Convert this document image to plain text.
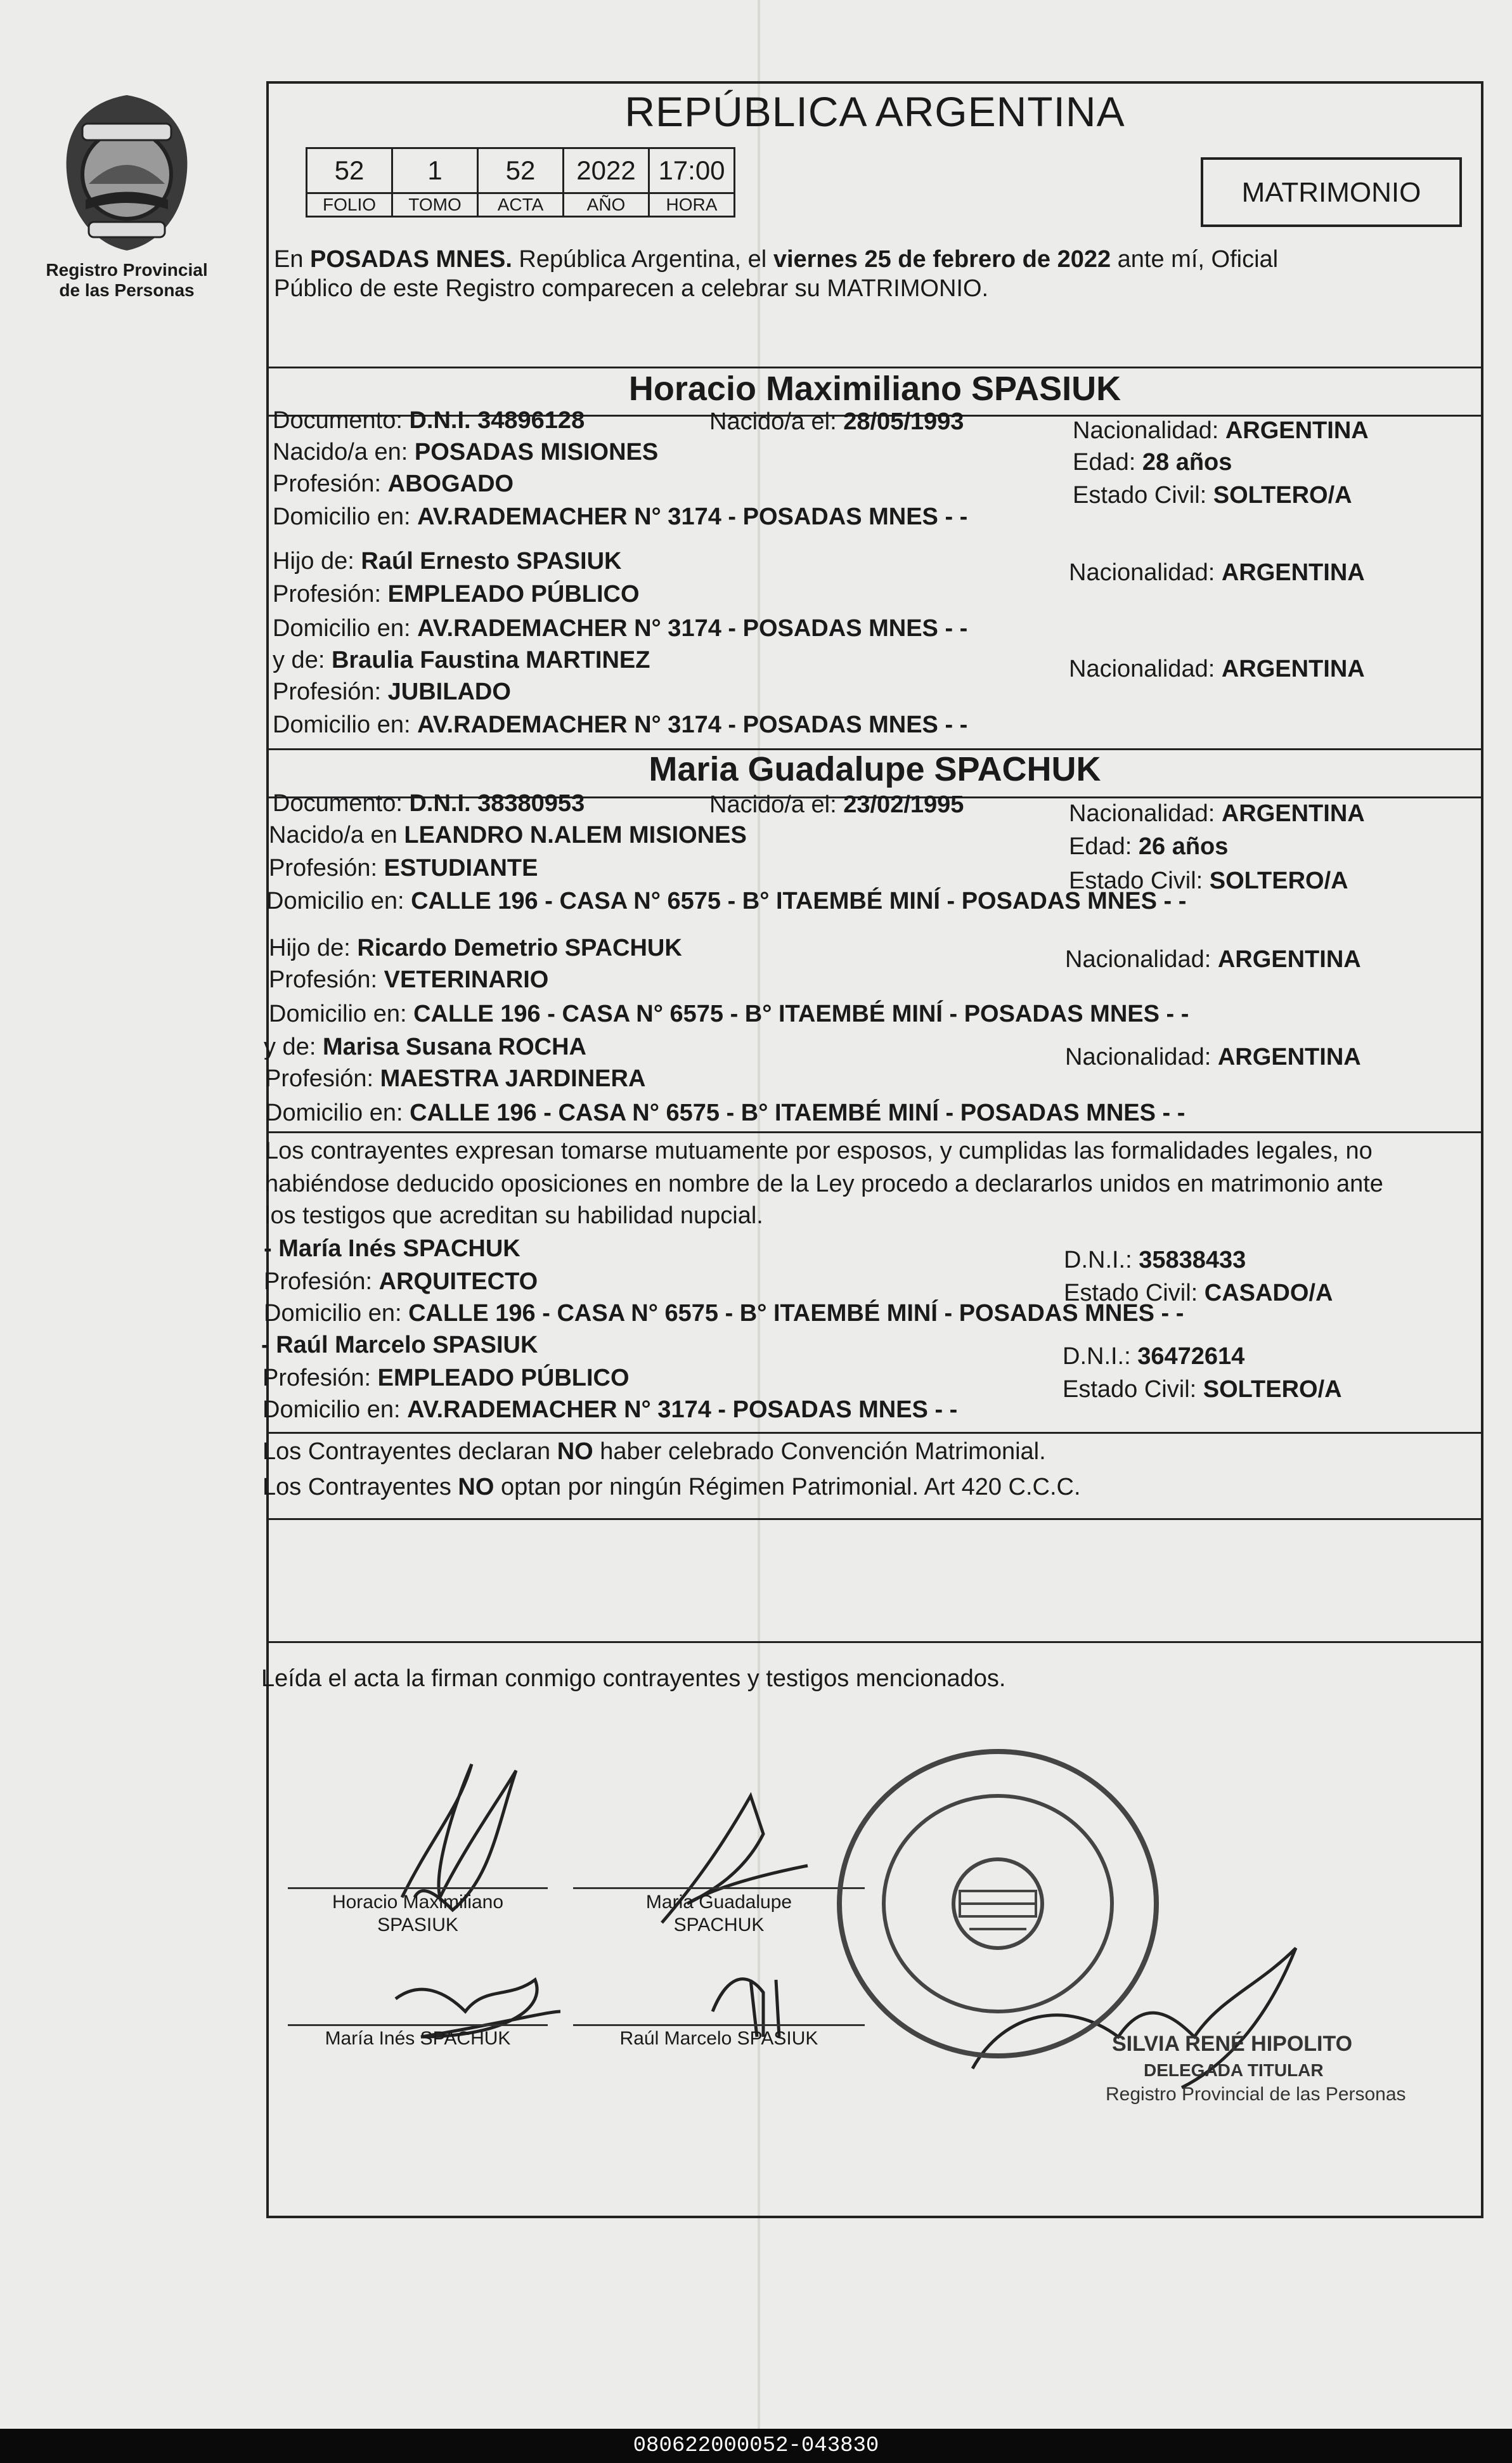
Registro Provincial de las Personas
REPÚBLICA ARGENTINA
52	1	52	2022	17:00
FOLIO	TOMO	ACTA	AÑO	HORA	MATRIMONIO
En POSADAS MNES. República Argentina, el viernes 25 de febrero de 2022 ante mí, Oficial
Público de este Registro comparecen a celebrar su MATRIMONIO.
Horacio Maximiliano SPASIUK
Documento: D.N.I. 34896128	Nacido/a el: 28/05/1993	Nacionalidad: ARGENTINA
Nacido/a en: POSADAS MISIONES	Edad: 28 años
Profesión: ABOGADO	Estado Civil: SOLTERO/A
Domicilio en: AV.RADEMACHER N° 3174 - POSADAS MNES - -
Hijo de: Raúl Ernesto SPASIUK	Nacionalidad: ARGENTINA
Profesión: EMPLEADO PÚBLICO
Domicilio en: AV.RADEMACHER N° 3174 - POSADAS MNES - -
y de: Braulia Faustina MARTINEZ	Nacionalidad: ARGENTINA
Profesión: JUBILADO
Domicilio en: AV.RADEMACHER N° 3174 - POSADAS MNES - -
Maria Guadalupe SPACHUK
Documento: D.N.I. 38380953	Nacido/a el: 23/02/1995	Nacionalidad: ARGENTINA
Nacido/a en LEANDRO N.ALEM MISIONES	Edad: 26 años
Profesión: ESTUDIANTE	Estado Civil: SOLTERO/A
Domicilio en: CALLE 196 - CASA N° 6575 - B° ITAEMBÉ MINÍ - POSADAS MNES - -
Hijo de: Ricardo Demetrio SPACHUK	Nacionalidad: ARGENTINA
Profesión: VETERINARIO
Domicilio en: CALLE 196 - CASA N° 6575 - B° ITAEMBÉ MINÍ - POSADAS MNES - -
y de: Marisa Susana ROCHA	Nacionalidad: ARGENTINA
Profesión: MAESTRA JARDINERA
Domicilio en: CALLE 196 - CASA N° 6575 - B° ITAEMBÉ MINÍ - POSADAS MNES - -
Los contrayentes expresan tomarse mutuamente por esposos, y cumplidas las formalidades legales, no
habiéndose deducido oposiciones en nombre de la Ley procedo a declararlos unidos en matrimonio ante
los testigos que acreditan su habilidad nupcial.
- María Inés SPACHUK	D.N.I.: 35838433
Profesión: ARQUITECTO	Estado Civil: CASADO/A
Domicilio en: CALLE 196 - CASA N° 6575 - B° ITAEMBÉ MINÍ - POSADAS MNES - -
- Raúl Marcelo SPASIUK	D.N.I.: 36472614
Profesión: EMPLEADO PÚBLICO	Estado Civil: SOLTERO/A
Domicilio en: AV.RADEMACHER N° 3174 - POSADAS MNES - -
Los Contrayentes declaran NO haber celebrado Convención Matrimonial.
Los Contrayentes NO optan por ningún Régimen Patrimonial. Art 420 C.C.C.
Leída el acta la firman conmigo contrayentes y testigos mencionados.
Horacio Maximiliano
SPASIUK
Maria Guadalupe
SPACHUK
María Inés SPACHUK	Raúl Marcelo SPASIUK	SILVIA RENÉ HIPOLITO
DELEGADA TITULAR
Registro Provincial de las Personas
080622000052-043830
